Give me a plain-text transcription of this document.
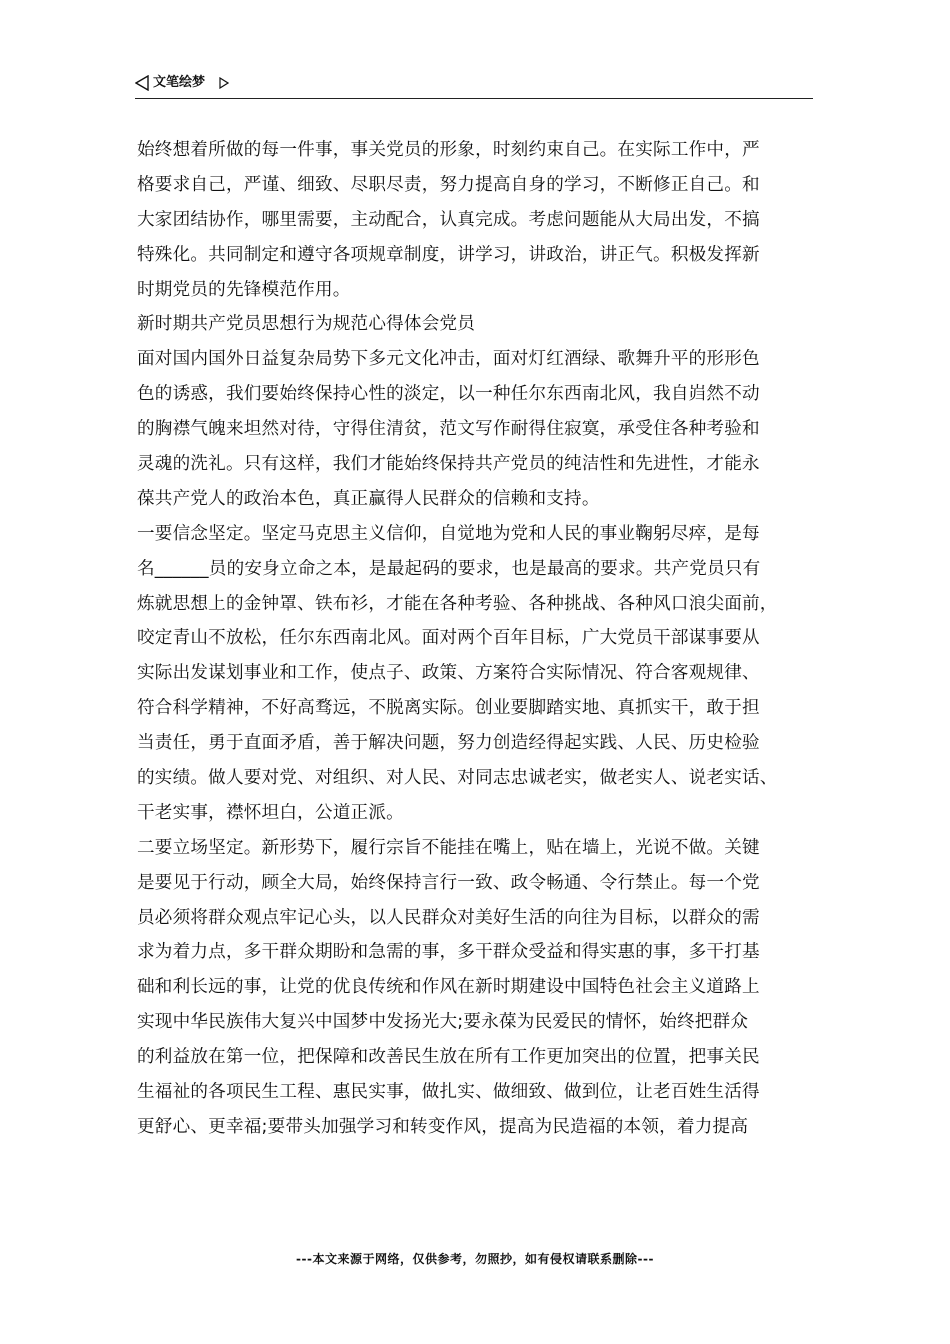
文笔绘梦
始终想着所做的每一件事，事关党员的形象，时刻约束自己。在实际工作中，严
格要求自己，严谨、细致、尽职尽责，努力提高自身的学习，不断修正自己。和
大家团结协作，哪里需要，主动配合，认真完成。考虑问题能从大局出发，不搞
特殊化。共同制定和遵守各项规章制度，讲学习，讲政治，讲正气。积极发挥新
时期党员的先锋模范作用。
新时期共产党员思想行为规范心得体会党员
面对国内国外日益复杂局势下多元文化冲击，面对灯红酒绿、歌舞升平的形形色
色的诱惑，我们要始终保持心性的淡定，以一种任尔东西南北风，我自岿然不动
的胸襟气魄来坦然对待，守得住清贫，范文写作耐得住寂寞，承受住各种考验和
灵魂的洗礼。只有这样，我们才能始终保持共产党员的纯洁性和先进性，才能永
葆共产党人的政治本色，真正赢得人民群众的信赖和支持。
一要信念坚定。坚定马克思主义信仰，自觉地为党和人民的事业鞠躬尽瘁，是每
名______员的安身立命之本，是最起码的要求，也是最高的要求。共产党员只有
炼就思想上的金钟罩、铁布衫，才能在各种考验、各种挑战、各种风口浪尖面前，
咬定青山不放松，任尔东西南北风。面对两个百年目标，广大党员干部谋事要从
实际出发谋划事业和工作，使点子、政策、方案符合实际情况、符合客观规律、
符合科学精神，不好高骛远，不脱离实际。创业要脚踏实地、真抓实干，敢于担
当责任，勇于直面矛盾，善于解决问题，努力创造经得起实践、人民、历史检验
的实绩。做人要对党、对组织、对人民、对同志忠诚老实，做老实人、说老实话、
干老实事，襟怀坦白，公道正派。
二要立场坚定。新形势下，履行宗旨不能挂在嘴上，贴在墙上，光说不做。关键
是要见于行动，顾全大局，始终保持言行一致、政令畅通、令行禁止。每一个党
员必须将群众观点牢记心头，以人民群众对美好生活的向往为目标，以群众的需
求为着力点，多干群众期盼和急需的事，多干群众受益和得实惠的事，多干打基
础和利长远的事，让党的优良传统和作风在新时期建设中国特色社会主义道路上
实现中华民族伟大复兴中国梦中发扬光大;要永葆为民爱民的情怀，始终把群众
的利益放在第一位，把保障和改善民生放在所有工作更加突出的位置，把事关民
生福祉的各项民生工程、惠民实事，做扎实、做细致、做到位，让老百姓生活得
更舒心、更幸福;要带头加强学习和转变作风，提高为民造福的本领，着力提高
---本文来源于网络，仅供参考，勿照抄，如有侵权请联系删除---
